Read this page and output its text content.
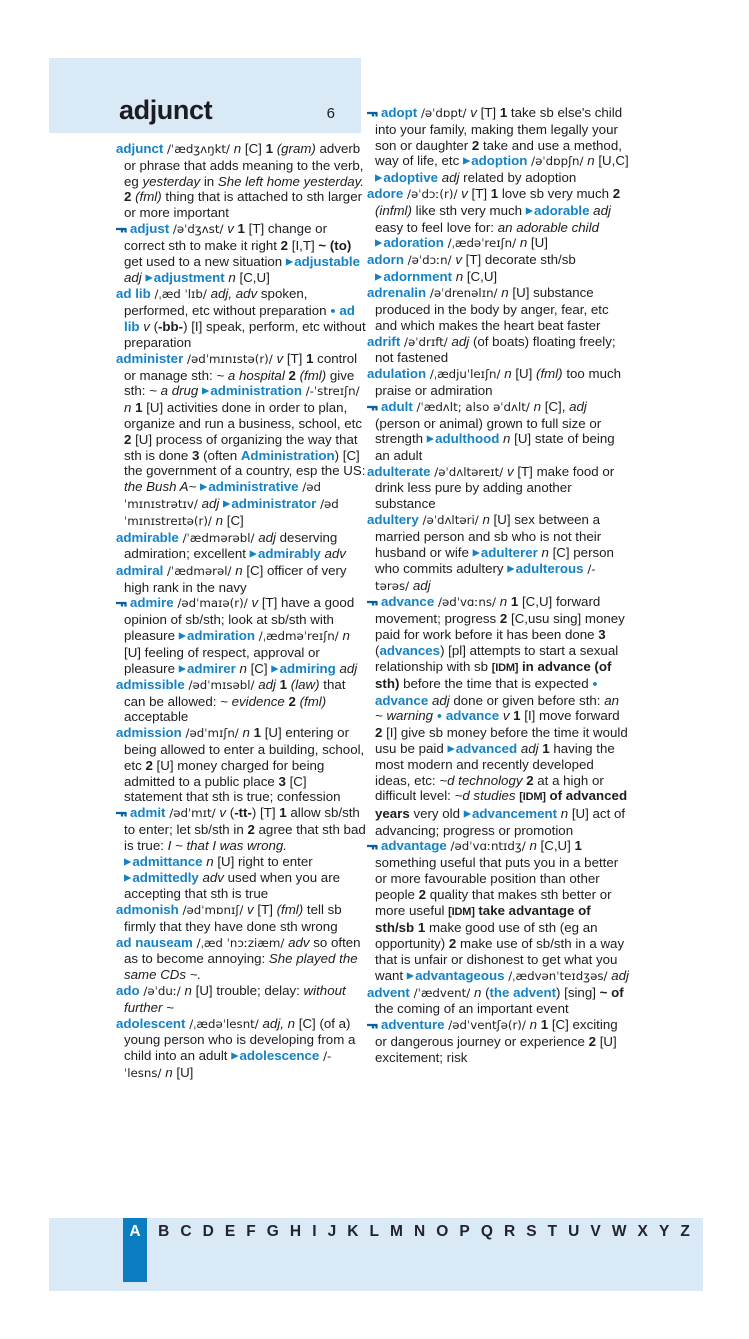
adjunct	6
adjunct /ˈædʒʌŋkt/ n [C] 1 (gram) adverb or phrase that adds meaning to the verb, eg yesterday in She left home yesterday. 2 (fml) thing that is attached to sth larger or more important
adjust /əˈdʒʌst/ v 1 [T] change or correct sth to make it right 2 [I,T] ~ (to) get used to a new situation ▶adjustable adj ▶adjustment n [C,U]
ad lib /ˌæd ˈlɪb/ adj, adv spoken, performed, etc without preparation ● ad lib v (-bb-) [I] speak, perform, etc without preparation
administer /ədˈmɪnɪstə(r)/ v [T] 1 control or manage sth: ~ a hospital 2 (fml) give sth: ~ a drug ▶administration /-ˈstreɪʃn/ n 1 [U] activities done in order to plan, organize and run a business, school, etc 2 [U] process of organizing the way that sth is done 3 (often Administration) [C] the government of a country, esp the US: the Bush A~ ▶administrative /ədˈmɪnɪstrətɪv/ adj ▶administrator /ədˈmɪnɪstreɪtə(r)/ n [C]
admirable /ˈædmərəbl/ adj deserving admiration; excellent ▶admirably adv
admiral /ˈædmərəl/ n [C] officer of very high rank in the navy
admire /ədˈmaɪə(r)/ v [T] have a good opinion of sb/sth; look at sb/sth with pleasure ▶admiration /ˌædməˈreɪʃn/ n [U] feeling of respect, approval or pleasure ▶admirer n [C] ▶admiring adj
admissible /ədˈmɪsəbl/ adj 1 (law) that can be allowed: ~ evidence 2 (fml) acceptable
admission /ədˈmɪʃn/ n 1 [U] entering or being allowed to enter a building, school, etc 2 [U] money charged for being admitted to a public place 3 [C] statement that sth is true; confession
admit /ədˈmɪt/ v (-tt-) [T] 1 allow sb/sth to enter; let sb/sth in 2 agree that sth bad is true: I ~ that I was wrong. ▶admittance n [U] right to enter ▶admittedly adv used when you are accepting that sth is true
admonish /ədˈmɒnɪʃ/ v [T] (fml) tell sb firmly that they have done sth wrong
ad nauseam /ˌæd ˈnɔːziæm/ adv so often as to become annoying: She played the same CDs ~.
ado /əˈduː/ n [U] trouble; delay: without further ~
adolescent /ˌædəˈlesnt/ adj, n [C] (of a) young person who is developing from a child into an adult ▶adolescence /-ˈlesns/ n [U]
adopt /əˈdɒpt/ v [T] 1 take sb else's child into your family, making them legally your son or daughter 2 take and use a method, way of life, etc ▶adoption /əˈdɒpʃn/ n [U,C] ▶adoptive adj related by adoption
adore /əˈdɔː(r)/ v [T] 1 love sb very much 2 (infml) like sth very much ▶adorable adj easy to feel love for: an adorable child ▶adoration /ˌædəˈreɪʃn/ n [U]
adorn /əˈdɔːn/ v [T] decorate sth/sb ▶adornment n [C,U]
adrenalin /əˈdrenəlɪn/ n [U] substance produced in the body by anger, fear, etc and which makes the heart beat faster
adrift /əˈdrɪft/ adj (of boats) floating freely; not fastened
adulation /ˌædjuˈleɪʃn/ n [U] (fml) too much praise or admiration
adult /ˈædʌlt; also əˈdʌlt/ n [C], adj (person or animal) grown to full size or strength ▶adulthood n [U] state of being an adult
adulterate /əˈdʌltəreɪt/ v [T] make food or drink less pure by adding another substance
adultery /əˈdʌltəri/ n [U] sex between a married person and sb who is not their husband or wife ▶adulterer n [C] person who commits adultery ▶adulterous /-tərəs/ adj
advance /ədˈvɑːns/ n 1 [C,U] forward movement; progress 2 [C,usu sing] money paid for work before it has been done 3 (advances) [pl] attempts to start a sexual relationship with sb [IDM] in advance (of sth) before the time that is expected ● advance adj done or given before sth: an ~ warning ● advance v 1 [I] move forward 2 [I] give sb money before the time it would usu be paid ▶advanced adj 1 having the most modern and recently developed ideas, etc: ~d technology 2 at a high or difficult level: ~d studies [IDM] of advanced years very old ▶advancement n [U] act of advancing; progress or promotion
advantage /ədˈvɑːntɪdʒ/ n [C,U] 1 something useful that puts you in a better or more favourable position than other people 2 quality that makes sth better or more useful [IDM] take advantage of sth/sb 1 make good use of sth (eg an opportunity) 2 make use of sb/sth in a way that is unfair or dishonest to get what you want ▶advantageous /ˌædvənˈteɪdʒəs/ adj
advent /ˈædvent/ n (the advent) [sing] ~ of the coming of an important event
adventure /ədˈventʃə(r)/ n 1 [C] exciting or dangerous journey or experience 2 [U] excitement; risk
A	B C D E F G H I J K L M N O P Q R S T U V W X Y Z
